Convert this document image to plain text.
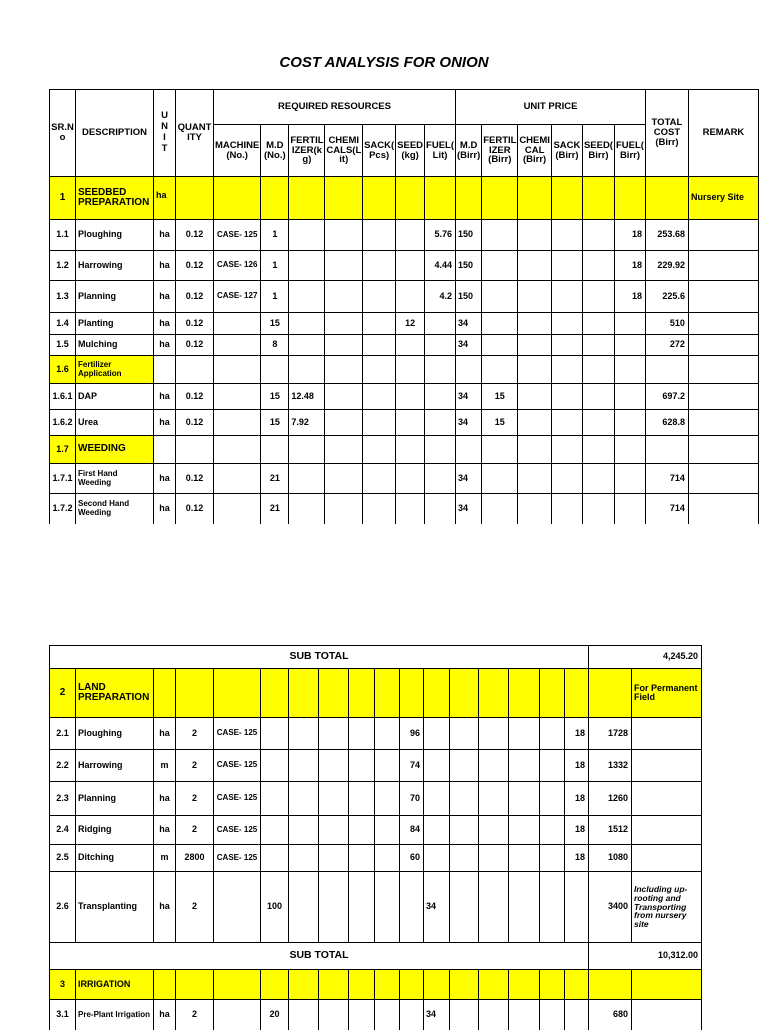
COST ANALYSIS FOR ONION
SR.N o	DESCRIPTION	U N I T	QUANT ITY	REQUIRED RESOURCES							UNIT PRICE						TOTAL COST (Birr)	REMARK
				MACHINE (No.)	M.D (No.)	FERTIL IZER(k g)	CHEMI CALS(L it)	SACK( Pcs)	SEED (kg)	FUEL( Lit)	M.D (Birr)	FERTIL IZER (Birr)	CHEMI CAL (Birr)	SACK (Birr)	SEED( Birr)	FUEL( Birr)		
1	SEEDBED PREPARATION	ha																Nursery Site
1.1	Ploughing	ha	0.12	CASE- 125	1					5.76	150					18	253.68	
1.2	Harrowing	ha	0.12	CASE- 126	1					4.44	150					18	229.92	
1.3	Planning	ha	0.12	CASE- 127	1					4.2	150					18	225.6	
1.4	Planting	ha	0.12		15				12		34						510	
1.5	Mulching	ha	0.12		8						34						272	
1.6	Fertilizer Application																	
1.6.1	DAP	ha	0.12		15	12.48					34	15					697.2	
1.6.2	Urea	ha	0.12		15	7.92					34	15					628.8	
1.7	WEEDING																	
1.7.1	First Hand Weeding	ha	0.12		21						34						714	
1.7.2	Second Hand Weeding	ha	0.12		21						34						714	
SUB TOTAL																	4,245.20	
2	LAND PREPARATION																	For Permanent Field
2.1	Ploughing	ha	2	CASE- 125						96						18	1728	
2.2	Harrowing	m	2	CASE- 125						74						18	1332	
2.3	Planning	ha	2	CASE- 125						70						18	1260	
2.4	Ridging	ha	2	CASE- 125						84						18	1512	
2.5	Ditching	m	2800	CASE- 125						60						18	1080	
2.6	Transplanting	ha	2		100						34						3400	Including up- rooting and Transporting from nursery site
SUB TOTAL																	10,312.00	
3	IRRIGATION																	
3.1	Pre-Plant Irrigation	ha	2		20						34						680	
